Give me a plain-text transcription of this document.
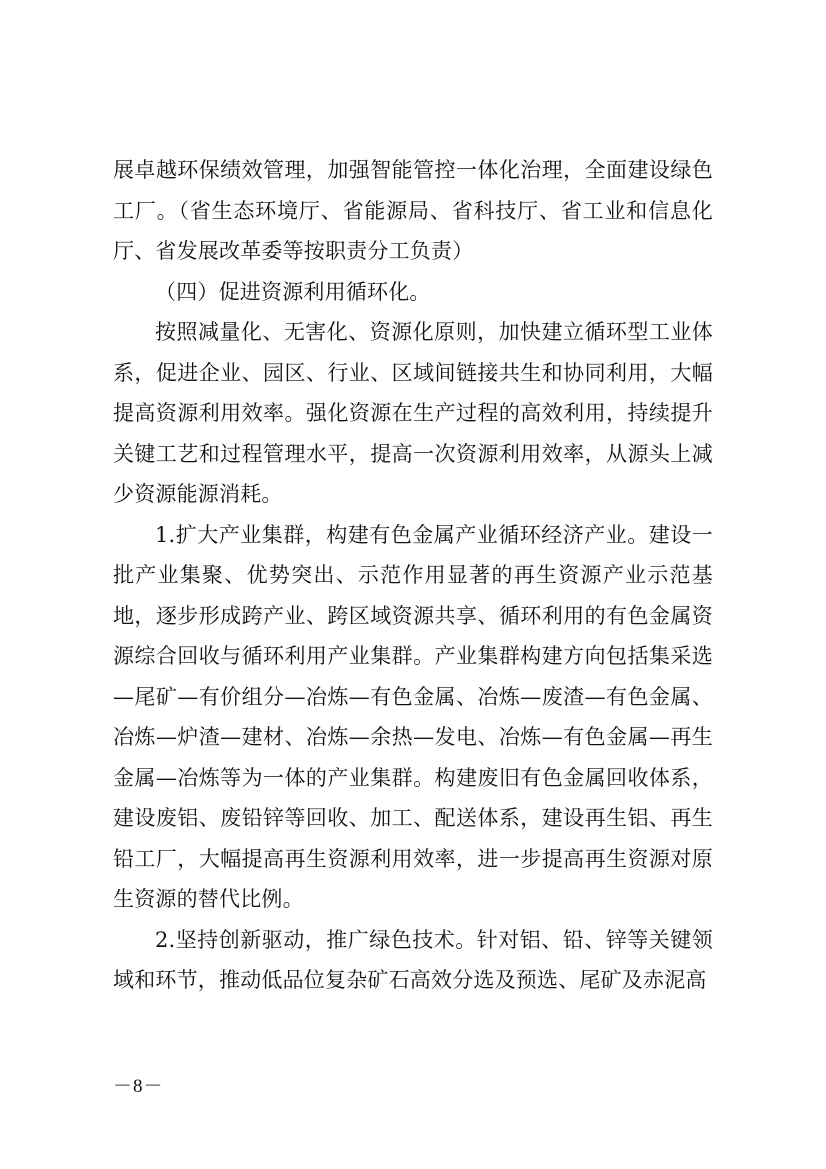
展卓越环保绩效管理，加强智能管控一体化治理，全面建设绿色工厂。（省生态环境厅、省能源局、省科技厅、省工业和信息化厅、省发展改革委等按职责分工负责）

（四）促进资源利用循环化。

按照减量化、无害化、资源化原则，加快建立循环型工业体系，促进企业、园区、行业、区域间链接共生和协同利用，大幅提高资源利用效率。强化资源在生产过程的高效利用，持续提升关键工艺和过程管理水平，提高一次资源利用效率，从源头上减少资源能源消耗。

1.扩大产业集群，构建有色金属产业循环经济产业。建设一批产业集聚、优势突出、示范作用显著的再生资源产业示范基地，逐步形成跨产业、跨区域资源共享、循环利用的有色金属资源综合回收与循环利用产业集群。产业集群构建方向包括集采选—尾矿—有价组分—冶炼—有色金属、冶炼—废渣—有色金属、冶炼—炉渣—建材、冶炼—余热—发电、冶炼—有色金属—再生金属—冶炼等为一体的产业集群。构建废旧有色金属回收体系，建设废铝、废铅锌等回收、加工、配送体系，建设再生铝、再生铅工厂，大幅提高再生资源利用效率，进一步提高再生资源对原生资源的替代比例。

2.坚持创新驱动，推广绿色技术。针对铝、铅、锌等关键领域和环节，推动低品位复杂矿石高效分选及预选、尾矿及赤泥高

－8－
